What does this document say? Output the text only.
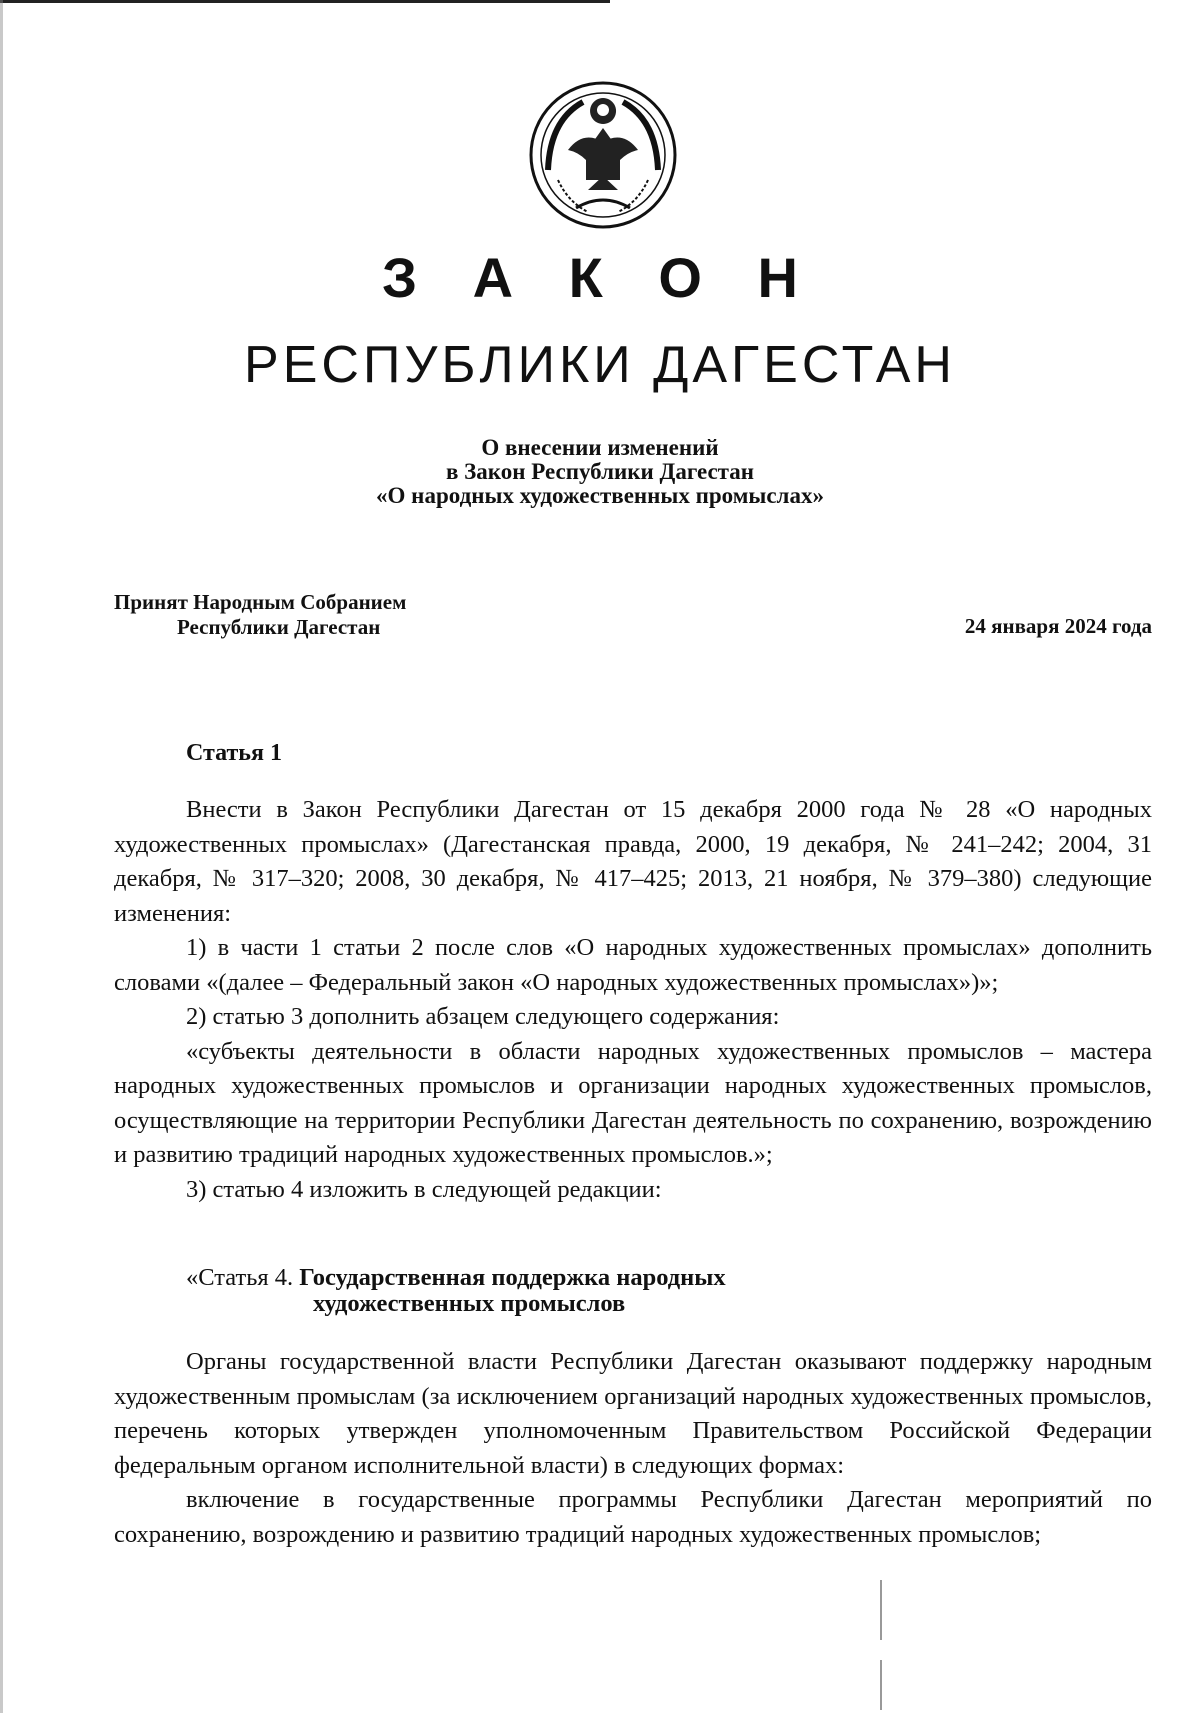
З А К О Н
РЕСПУБЛИКИ ДАГЕСТАН
О внесении изменений
в Закон Республики Дагестан
«О народных художественных промыслах»
Принят Народным Собранием
Республики Дагестан	24 января 2024 года
Статья 1

Внести в Закон Республики Дагестан от 15 декабря 2000 года № 28 «О народных художественных промыслах» (Дагестанская правда, 2000, 19 декабря, № 241–242; 2004, 31 декабря, № 317–320; 2008, 30 декабря, № 417–425; 2013, 21 ноября, № 379–380) следующие изменения:

1) в части 1 статьи 2 после слов «О народных художественных промыслах» дополнить словами «(далее – Федеральный закон «О народных художественных промыслах»)»;

2) статью 3 дополнить абзацем следующего содержания:

«субъекты деятельности в области народных художественных промыслов – мастера народных художественных промыслов и организации народных художественных промыслов, осуществляющие на территории Республики Дагестан деятельность по сохранению, возрождению и развитию традиций народных художественных промыслов.»;

3) статью 4 изложить в следующей редакции:

«Статья 4. Государственная поддержка народных
художественных промыслов

Органы государственной власти Республики Дагестан оказывают поддержку народным художественным промыслам (за исключением организаций народных художественных промыслов, перечень которых утвержден уполномоченным Правительством Российской Федерации федеральным органом исполнительной власти) в следующих формах:

включение в государственные программы Республики Дагестан мероприятий по сохранению, возрождению и развитию традиций народных художественных промыслов;
